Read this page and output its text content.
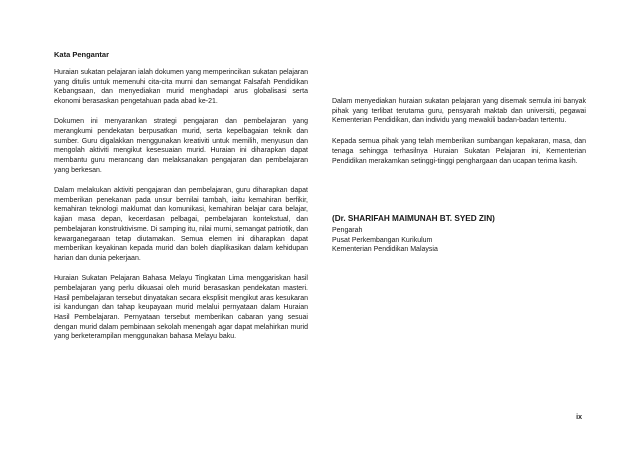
Kata Pengantar

Huraian sukatan pelajaran ialah dokumen yang memperincikan sukatan pelajaran yang ditulis untuk memenuhi cita-cita murni dan semangat Falsafah Pendidikan Kebangsaan, dan menyediakan murid menghadapi arus globalisasi serta ekonomi berasaskan pengetahuan pada abad ke-21.

Dokumen ini menyarankan strategi pengajaran dan pembelajaran yang merangkumi pendekatan berpusatkan murid, serta kepelbagaian teknik dan sumber. Guru digalakkan menggunakan kreativiti untuk memilih, menyusun dan mengolah aktiviti mengikut kesesuaian murid. Huraian ini diharapkan dapat membantu guru merancang dan melaksanakan pengajaran dan pembelajaran yang berkesan.

Dalam melakukan aktiviti pengajaran dan pembelajaran, guru diharapkan dapat memberikan penekanan pada unsur bernilai tambah, iaitu kemahiran berfikir, kemahiran teknologi maklumat dan komunikasi, kemahiran belajar cara belajar, kajian masa depan, kecerdasan pelbagai, pembelajaran kontekstual, dan pembelajaran konstruktivisme. Di samping itu, nilai murni, semangat patriotik, dan kewarganegaraan tetap diutamakan. Semua elemen ini diharapkan dapat memberikan keyakinan kepada murid dan boleh diaplikasikan dalam kehidupan harian dan dunia pekerjaan.

Huraian Sukatan Pelajaran Bahasa Melayu Tingkatan Lima menggariskan hasil pembelajaran yang perlu dikuasai oleh murid berasaskan pendekatan masteri. Hasil pembelajaran tersebut dinyatakan secara eksplisit mengikut aras kesukaran isi kandungan dan tahap keupayaan murid melalui pernyataan dalam Huraian Hasil Pembelajaran. Pernyataan tersebut memberikan cabaran yang sesuai dengan murid dalam pembinaan sekolah menengah agar dapat melahirkan murid yang berketerampilan menggunakan bahasa Melayu baku.

Dalam menyediakan huraian sukatan pelajaran yang disemak semula ini banyak pihak yang terlibat terutama guru, pensyarah maktab dan universiti, pegawai Kementerian Pendidikan, dan individu yang mewakili badan-badan tertentu.

Kepada semua pihak yang telah memberikan sumbangan kepakaran, masa, dan tenaga sehingga terhasilnya Huraian Sukatan Pelajaran ini, Kementerian Pendidikan merakamkan setinggi-tinggi penghargaan dan ucapan terima kasih.

(Dr. SHARIFAH MAIMUNAH BT. SYED ZIN)
Pengarah
Pusat Perkembangan Kurikulum
Kementerian Pendidikan Malaysia
ix
